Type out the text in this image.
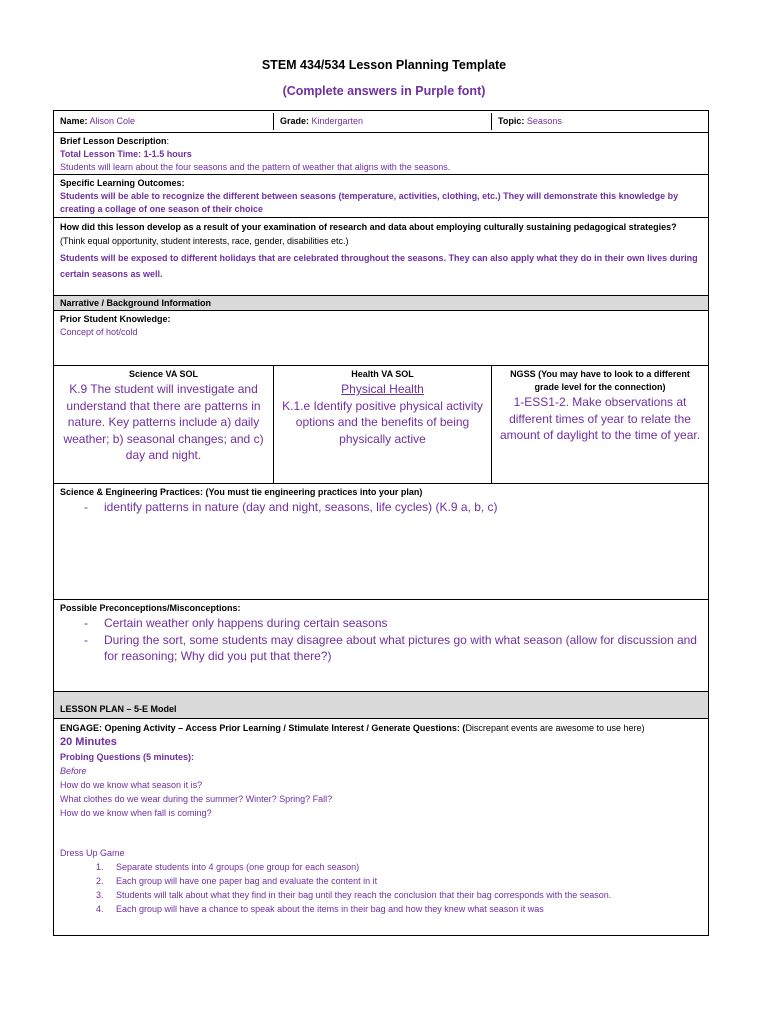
STEM 434/534 Lesson Planning Template
(Complete answers in Purple font)
Name: Alison Cole	Grade: Kindergarten	Topic: Seasons
Brief Lesson Description:
Total Lesson Time: 1-1.5 hours
Students will learn about the four seasons and the pattern of weather that aligns with the seasons.
Specific Learning Outcomes:
Students will be able to recognize the different between seasons (temperature, activities, clothing, etc.) They will demonstrate this knowledge by creating a collage of one season of their choice
How did this lesson develop as a result of your examination of research and data about employing culturally sustaining pedagogical strategies? (Think equal opportunity, student interests, race, gender, disabilities etc.)
Students will be exposed to different holidays that are celebrated throughout the seasons. They can also apply what they do in their own lives during certain seasons as well.
Narrative / Background Information
Prior Student Knowledge:
Concept of hot/cold
Science VA SOL
K.9 The student will investigate and understand that there are patterns in nature. Key patterns include a) daily weather; b) seasonal changes; and c) day and night.
Health VA SOL
Physical Health
K.1.e Identify positive physical activity options and the benefits of being physically active
NGSS (You may have to look to a different grade level for the connection)
1-ESS1-2. Make observations at different times of year to relate the amount of daylight to the time of year.
Science & Engineering Practices: (You must tie engineering practices into your plan)
- identify patterns in nature (day and night, seasons, life cycles) (K.9 a, b, c)
Possible Preconceptions/Misconceptions:
- Certain weather only happens during certain seasons
- During the sort, some students may disagree about what pictures go with what season (allow for discussion and for reasoning; Why did you put that there?)
LESSON PLAN – 5-E Model
ENGAGE: Opening Activity – Access Prior Learning / Stimulate Interest / Generate Questions: (Discrepant events are awesome to use here)
20 Minutes
Probing Questions (5 minutes):
Before
How do we know what season it is?
What clothes do we wear during the summer? Winter? Spring? Fall?
How do we know when fall is coming?
Dress Up Game
1. Separate students into 4 groups (one group for each season)
2. Each group will have one paper bag and evaluate the content in it
3. Students will talk about what they find in their bag until they reach the conclusion that their bag corresponds with the season.
4. Each group will have a chance to speak about the items in their bag and how they knew what season it was
